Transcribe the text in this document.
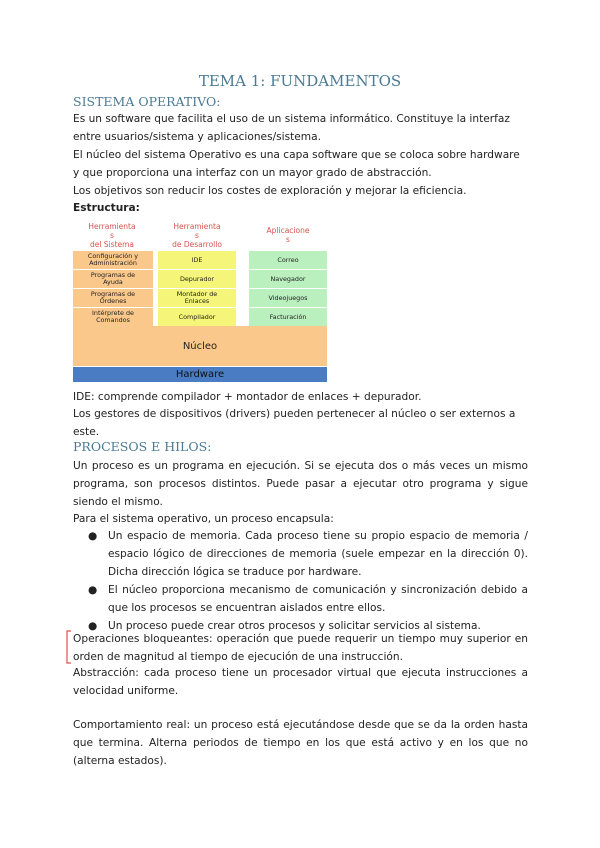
TEMA 1: FUNDAMENTOS
SISTEMA OPERATIVO:
Es un software que facilita el uso de un sistema informático. Constituye la interfaz entre usuarios/sistema y aplicaciones/sistema.
El núcleo del sistema Operativo es una capa software que se coloca sobre hardware y que proporciona una interfaz con un mayor grado de abstracción.
Los objetivos son reducir los costes de exploración y mejorar la eficiencia.
Estructura:
Herramienta
s
del Sistema
Herramienta
s
de Desarrollo
Aplicacione
s
Configuración y
Administración
Programas de
Ayuda
Programas de
Órdenes
Intérprete de
Comandos
IDE
Depurador
Montador de
Enlaces
Compilador
Correo
Navegador
Videojuegos
Facturación
Núcleo
Hardware
IDE: comprende compilador + montador de enlaces + depurador.
Los gestores de dispositivos (drivers) pueden pertenecer al núcleo o ser externos a este.
PROCESOS E HILOS:
Un proceso es un programa en ejecución. Si se ejecuta dos o más veces un mismo programa, son procesos distintos. Puede pasar a ejecutar otro programa y sigue siendo el mismo.
Para el sistema operativo, un proceso encapsula:
● Un espacio de memoria. Cada proceso tiene su propio espacio de memoria / espacio lógico de direcciones de memoria (suele empezar en la dirección 0). Dicha dirección lógica se traduce por hardware.
● El núcleo proporciona mecanismo de comunicación y sincronización debido a que los procesos se encuentran aislados entre ellos.
● Un proceso puede crear otros procesos y solicitar servicios al sistema.
Operaciones bloqueantes: operación que puede requerir un tiempo muy superior en orden de magnitud al tiempo de ejecución de una instrucción.
Abstracción: cada proceso tiene un procesador virtual que ejecuta instrucciones a velocidad uniforme.
Comportamiento real: un proceso está ejecutándose desde que se da la orden hasta que termina. Alterna periodos de tiempo en los que está activo y en los que no (alterna estados).
